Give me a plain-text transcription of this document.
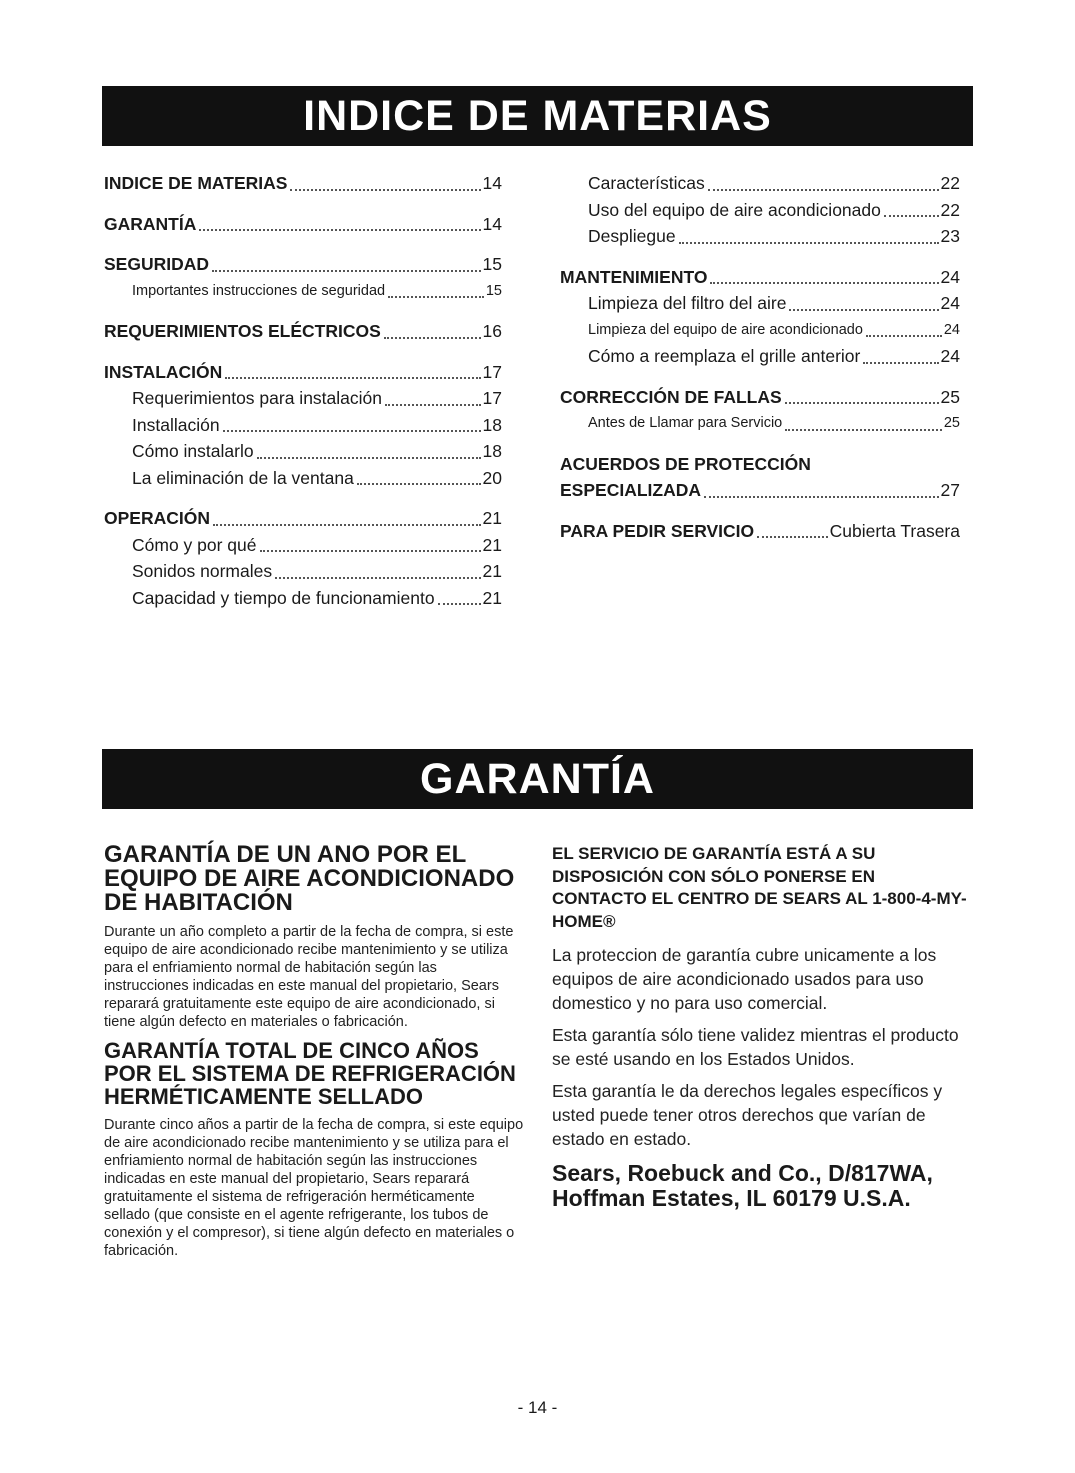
INDICE DE MATERIAS
INDICE DE MATERIAS	14
GARANTÍA	14
SEGURIDAD	15
Importantes instrucciones de seguridad	15
REQUERIMIENTOS ELÉCTRICOS	16
INSTALACIÓN	17
Requerimientos para instalación	17
Installación	18
Cómo instalarlo	18
La eliminación de la ventana	20
OPERACIÓN	21
Cómo y por qué	21
Sonidos normales	21
Capacidad y tiempo de funcionamiento	21
Características	22
Uso del equipo de aire acondicionado	22
Despliegue	23
MANTENIMIENTO	24
Limpieza del filtro del aire	24
Limpieza del equipo de aire acondicionado	24
Cómo a reemplaza el grille anterior	24
CORRECCIÓN DE FALLAS	25
Antes de Llamar para Servicio	25
ACUERDOS DE PROTECCIÓN
ESPECIALIZADA	27
PARA PEDIR SERVICIO	Cubierta Trasera
GARANTÍA
GARANTÍA DE UN ANO POR EL EQUIPO DE AIRE ACONDICIONADO DE HABITACIÓN
Durante un año completo a partir de la fecha de compra, si este equipo de aire acondicionado recibe mantenimiento y se utiliza para el enfriamiento normal de habitación según las instrucciones indicadas en este manual del propietario, Sears reparará gratuitamente este equipo de aire acondicionado, si tiene algún defecto en materiales o fabricación.
GARANTÍA TOTAL DE CINCO AÑOS POR EL SISTEMA DE REFRIGERACIÓN HERMÉTICAMENTE SELLADO
Durante cinco años a partir de la fecha de compra, si este equipo de aire acondicionado recibe mantenimiento y se utiliza para el enfriamiento normal de habitación según las instrucciones indicadas en este manual del propietario, Sears reparará gratuitamente el sistema de refrigeración herméticamente sellado (que consiste en el agente refrigerante, los tubos de conexión y el compresor), si tiene algún defecto en materiales o fabricación.
EL SERVICIO DE GARANTÍA ESTÁ A SU DISPOSICIÓN CON SÓLO PONERSE EN CONTACTO EL CENTRO DE SEARS AL 1-800-4-MY-HOME®
La proteccion de garantía cubre unicamente a los equipos de aire acondicionado usados para uso domestico y no para uso comercial.
Esta garantía sólo tiene validez mientras el producto se esté usando en los Estados Unidos.
Esta garantía le da derechos legales específicos y usted puede tener otros derechos que varían de estado en estado.
Sears, Roebuck and Co., D/817WA, Hoffman Estates, IL 60179 U.S.A.
- 14 -
